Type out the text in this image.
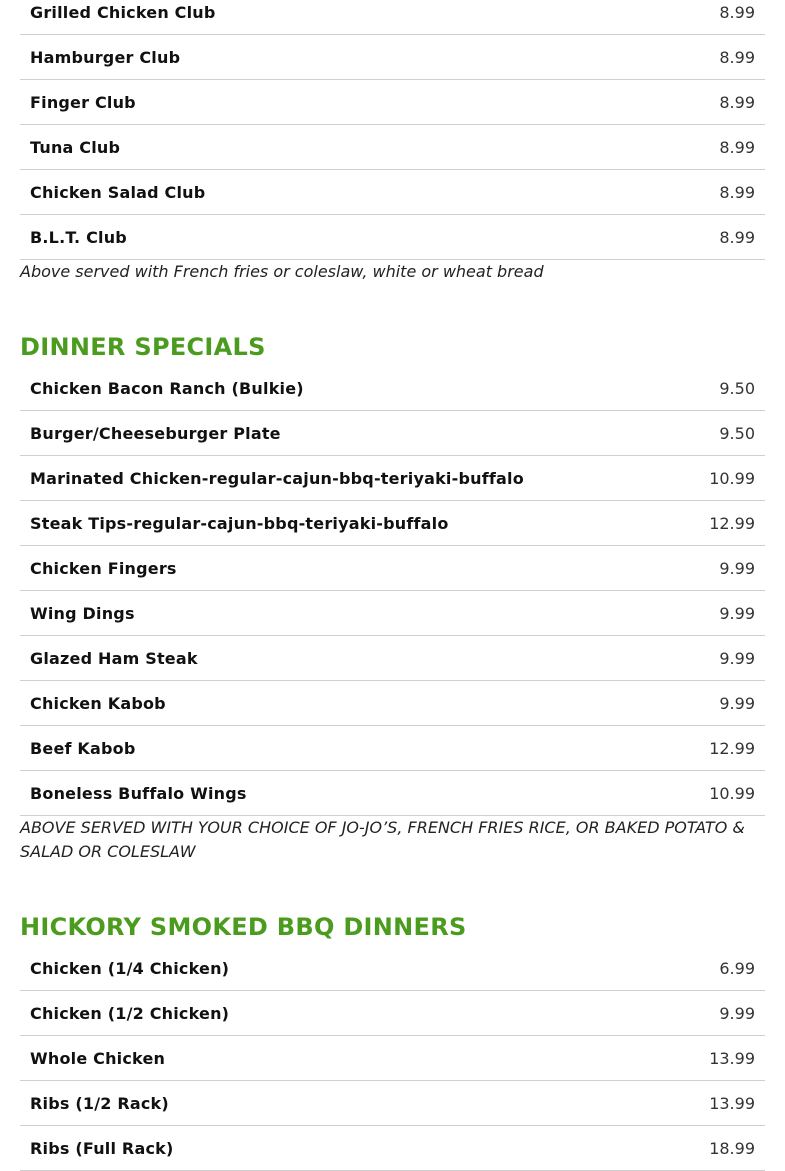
Grilled Chicken Club	8.99
Hamburger Club	8.99
Finger Club	8.99
Tuna Club	8.99
Chicken Salad Club	8.99
B.L.T. Club	8.99
Above served with French fries or coleslaw, white or wheat bread
DINNER SPECIALS
Chicken Bacon Ranch (Bulkie)	9.50
Burger/Cheeseburger Plate	9.50
Marinated Chicken-regular-cajun-bbq-teriyaki-buffalo	10.99
Steak Tips-regular-cajun-bbq-teriyaki-buffalo	12.99
Chicken Fingers	9.99
Wing Dings	9.99
Glazed Ham Steak	9.99
Chicken Kabob	9.99
Beef Kabob	12.99
Boneless Buffalo Wings	10.99
ABOVE SERVED WITH YOUR CHOICE OF JO-JO’S, FRENCH FRIES RICE, OR BAKED POTATO & SALAD OR COLESLAW
HICKORY SMOKED BBQ DINNERS
Chicken (1/4 Chicken)	6.99
Chicken (1/2 Chicken)	9.99
Whole Chicken	13.99
Ribs (1/2 Rack)	13.99
Ribs (Full Rack)	18.99
